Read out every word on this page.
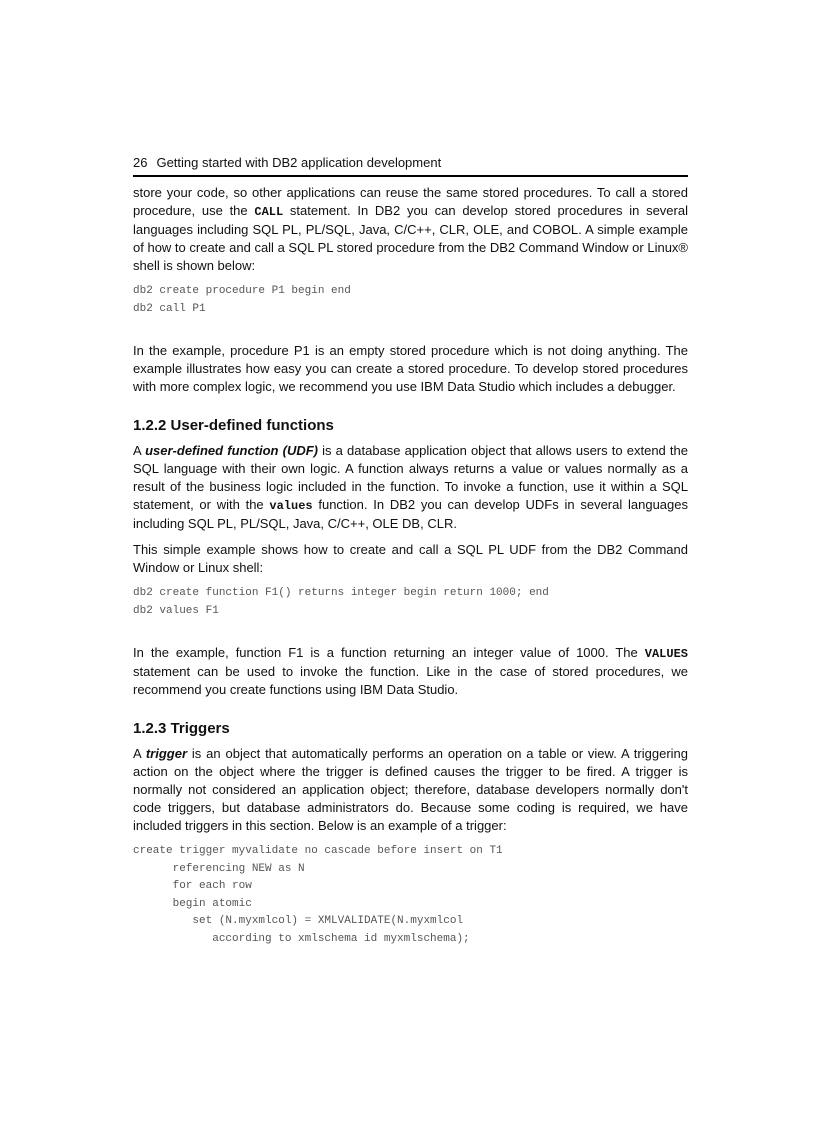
26 Getting started with DB2 application development

store your code, so other applications can reuse the same stored procedures. To call a stored procedure, use the CALL statement. In DB2 you can develop stored procedures in several languages including SQL PL, PL/SQL, Java, C/C++, CLR, OLE, and COBOL. A simple example of how to create and call a SQL PL stored procedure from the DB2 Command Window or Linux® shell is shown below:

db2 create procedure P1 begin end
db2 call P1

In the example, procedure P1 is an empty stored procedure which is not doing anything. The example illustrates how easy you can create a stored procedure. To develop stored procedures with more complex logic, we recommend you use IBM Data Studio which includes a debugger.

1.2.2 User-defined functions

A user-defined function (UDF) is a database application object that allows users to extend the SQL language with their own logic. A function always returns a value or values normally as a result of the business logic included in the function. To invoke a function, use it within a SQL statement, or with the values function. In DB2 you can develop UDFs in several languages including SQL PL, PL/SQL, Java, C/C++, OLE DB, CLR.

This simple example shows how to create and call a SQL PL UDF from the DB2 Command Window or Linux shell:

db2 create function F1() returns integer begin return 1000; end
db2 values F1

In the example, function F1 is a function returning an integer value of 1000. The VALUES statement can be used to invoke the function. Like in the case of stored procedures, we recommend you create functions using IBM Data Studio.

1.2.3 Triggers

A trigger is an object that automatically performs an operation on a table or view. A triggering action on the object where the trigger is defined causes the trigger to be fired. A trigger is normally not considered an application object; therefore, database developers normally don't code triggers, but database administrators do. Because some coding is required, we have included triggers in this section. Below is an example of a trigger:

create trigger myvalidate no cascade before insert on T1
referencing NEW as N
for each row
begin atomic
set (N.myxmlcol) = XMLVALIDATE(N.myxmlcol
according to xmlschema id myxmlschema);
